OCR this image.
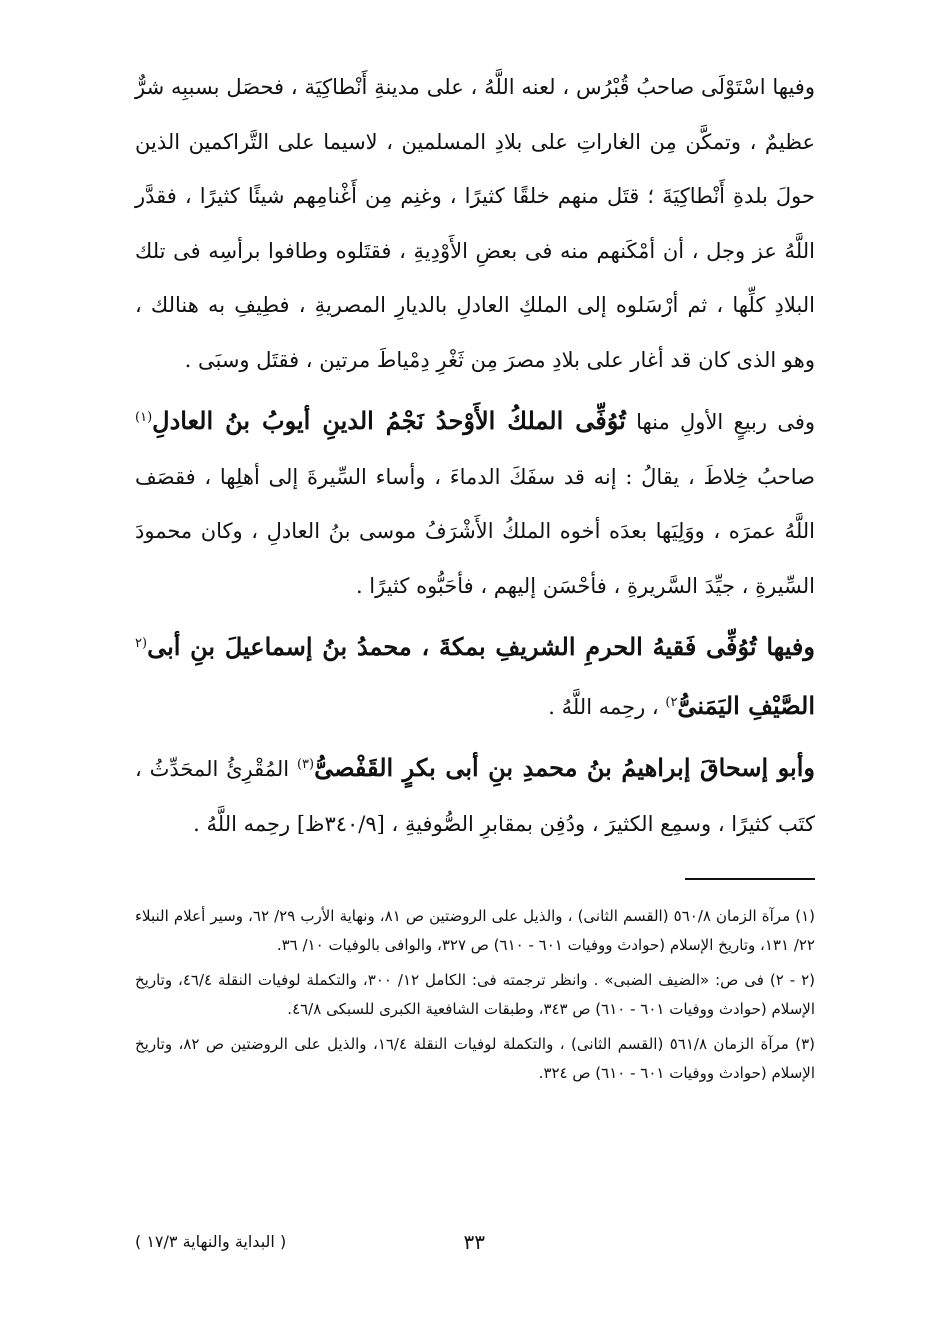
وفيها اسْتَوْلَى صاحبُ قُبْرُس ، لعنه اللَّهُ ، على مدينةِ أَنْطاكِيَة ، فحصَل بسببِه شرٌّ عظيمٌ ، وتمكَّن مِن الغاراتِ على بلادِ المسلمين ، لاسيما على التَّراكمين الذين حولَ بلدةِ أَنْطاكِيَةَ ؛ قتَل منهم خلقًا كثيرًا ، وغنِم مِن أَغْنامِهم شيئًا كثيرًا ، فقدَّر اللَّهُ عز وجل ، أن أمْكَنهم منه فى بعضِ الأَوْدِيةِ ، فقتَلوه وطافوا برأسِه فى تلك البلادِ كلِّها ، ثم أرْسَلوه إلى الملكِ العادلِ بالديارِ المصريةِ ، فطِيفِ به هنالك ، وهو الذى كان قد أغار على بلادِ مصرَ مِن ثَغْرِ دِمْياطَ مرتين ، فقتَل وسبَى .

وفى ربيعٍ الأولِ منها تُوُفِّى الملكُ الأَوْحدُ نَجْمُ الدينِ أيوبُ بنُ العادلِ$^{(١)}$ صاحبُ خِلاطَ ، يقالُ : إنه قد سفَكَ الدماءَ ، وأساء السِّيرةَ إلى أهلِها ، فقصَف اللَّهُ عمرَه ، ووَلِيَها بعدَه أخوه الملكُ الأَشْرَفُ موسى بنُ العادلِ ، وكان محمودَ السِّيرةِ ، جيِّدَ السَّريرةِ ، فأحْسَن إليهم ، فأحَبُّوه كثيرًا .

وفيها تُوُفِّى فَقيهُ الحرمِ الشريفِ بمكةَ ، محمدُ بنُ إسماعيلَ بنِ أبى$^{(٢}$ الصَّيْفِ اليَمَنىُّ$^{٢)}$ ، رحِمه اللَّهُ .

وأبو إسحاقَ إبراهيمُ بنُ محمدِ بنِ أبى بكرٍ القَفْصىُّ$^{(٣)}$ المُقْرِئُ المحَدِّثُ ، كتَب كثيرًا ، وسمِع الكثيرَ ، ودُفِن بمقابرِ الصُّوفيةِ ، [٣٤٠/٩ظ] رحِمه اللَّهُ .

(١) مرآة الزمان ٥٦٠/٨ (القسم الثانى) ، والذيل على الروضتين ص ٨١، ونهاية الأرب ٢٩/ ٦٢، وسير أعلام النبلاء ٢٢/ ١٣١، وتاريخ الإسلام (حوادث ووفيات ٦٠١ - ٦١٠) ص ٣٢٧، والوافى بالوفيات ١٠/ ٣٦.

(٢ - ٢) فى ص: «الضيف الضبى» . وانظر ترجمته فى: الكامل ١٢/ ٣٠٠، والتكملة لوفيات النقلة ٤٦/٤، وتاريخ الإسلام (حوادث ووفيات ٦٠١ - ٦١٠) ص ٣٤٣، وطبقات الشافعية الكبرى للسبكى ٤٦/٨.

(٣) مرآة الزمان ٥٦١/٨ (القسم الثانى) ، والتكملة لوفيات النقلة ١٦/٤، والذيل على الروضتين ص ٨٢، وتاريخ الإسلام (حوادث ووفيات ٦٠١ - ٦١٠) ص ٣٢٤.

٣٣
( البداية والنهاية ١٧/٣ )
